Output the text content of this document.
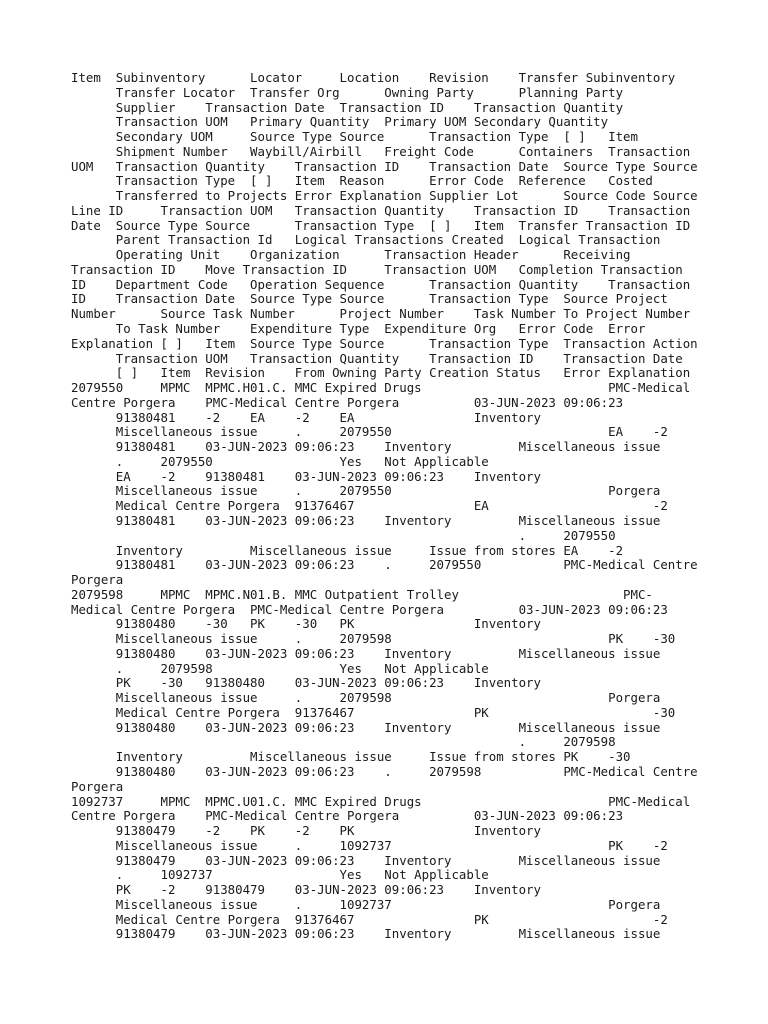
Item  Subinventory      Locator     Location    Revision    Transfer Subinventory
Transfer Locator  Transfer Org      Owning Party      Planning Party
Supplier    Transaction Date  Transaction ID    Transaction Quantity
Transaction UOM   Primary Quantity  Primary UOM Secondary Quantity
Secondary UOM     Source Type Source      Transaction Type  [ ]   Item
Shipment Number   Waybill/Airbill   Freight Code      Containers  Transaction
UOM   Transaction Quantity    Transaction ID    Transaction Date  Source Type Source
Transaction Type  [ ]   Item  Reason      Error Code  Reference   Costed
Transferred to Projects Error Explanation Supplier Lot      Source Code Source
Line ID     Transaction UOM   Transaction Quantity    Transaction ID    Transaction
Date  Source Type Source      Transaction Type  [ ]   Item  Transfer Transaction ID
Parent Transaction Id   Logical Transactions Created  Logical Transaction
Operating Unit    Organization      Transaction Header      Receiving
Transaction ID    Move Transaction ID     Transaction UOM   Completion Transaction
ID    Department Code   Operation Sequence      Transaction Quantity    Transaction
ID    Transaction Date  Source Type Source      Transaction Type  Source Project
Number      Source Task Number      Project Number    Task Number To Project Number
To Task Number    Expenditure Type  Expenditure Org   Error Code  Error
Explanation [ ]   Item  Source Type Source      Transaction Type  Transaction Action
Transaction UOM   Transaction Quantity    Transaction ID    Transaction Date
[ ]   Item  Revision    From Owning Party Creation Status   Error Explanation
2079550     MPMC  MPMC.H01.C. MMC Expired Drugs                         PMC-Medical
Centre Porgera    PMC-Medical Centre Porgera          03-JUN-2023 09:06:23
91380481    -2    EA    -2    EA                Inventory
Miscellaneous issue     .     2079550                             EA    -2
91380481    03-JUN-2023 09:06:23    Inventory         Miscellaneous issue
.     2079550                 Yes   Not Applicable
EA    -2    91380481    03-JUN-2023 09:06:23    Inventory
Miscellaneous issue     .     2079550                             Porgera
Medical Centre Porgera  91376467                EA                      -2
91380481    03-JUN-2023 09:06:23    Inventory         Miscellaneous issue
.     2079550
Inventory         Miscellaneous issue     Issue from stores EA    -2
91380481    03-JUN-2023 09:06:23    .     2079550           PMC-Medical Centre
Porgera
2079598     MPMC  MPMC.N01.B. MMC Outpatient Trolley                      PMC-
Medical Centre Porgera  PMC-Medical Centre Porgera          03-JUN-2023 09:06:23
91380480    -30   PK    -30   PK                Inventory
Miscellaneous issue     .     2079598                             PK    -30
91380480    03-JUN-2023 09:06:23    Inventory         Miscellaneous issue
.     2079598                 Yes   Not Applicable
PK    -30   91380480    03-JUN-2023 09:06:23    Inventory
Miscellaneous issue     .     2079598                             Porgera
Medical Centre Porgera  91376467                PK                      -30
91380480    03-JUN-2023 09:06:23    Inventory         Miscellaneous issue
.     2079598
Inventory         Miscellaneous issue     Issue from stores PK    -30
91380480    03-JUN-2023 09:06:23    .     2079598           PMC-Medical Centre
Porgera
1092737     MPMC  MPMC.U01.C. MMC Expired Drugs                         PMC-Medical
Centre Porgera    PMC-Medical Centre Porgera          03-JUN-2023 09:06:23
91380479    -2    PK    -2    PK                Inventory
Miscellaneous issue     .     1092737                             PK    -2
91380479    03-JUN-2023 09:06:23    Inventory         Miscellaneous issue
.     1092737                 Yes   Not Applicable
PK    -2    91380479    03-JUN-2023 09:06:23    Inventory
Miscellaneous issue     .     1092737                             Porgera
Medical Centre Porgera  91376467                PK                      -2
91380479    03-JUN-2023 09:06:23    Inventory         Miscellaneous issue
